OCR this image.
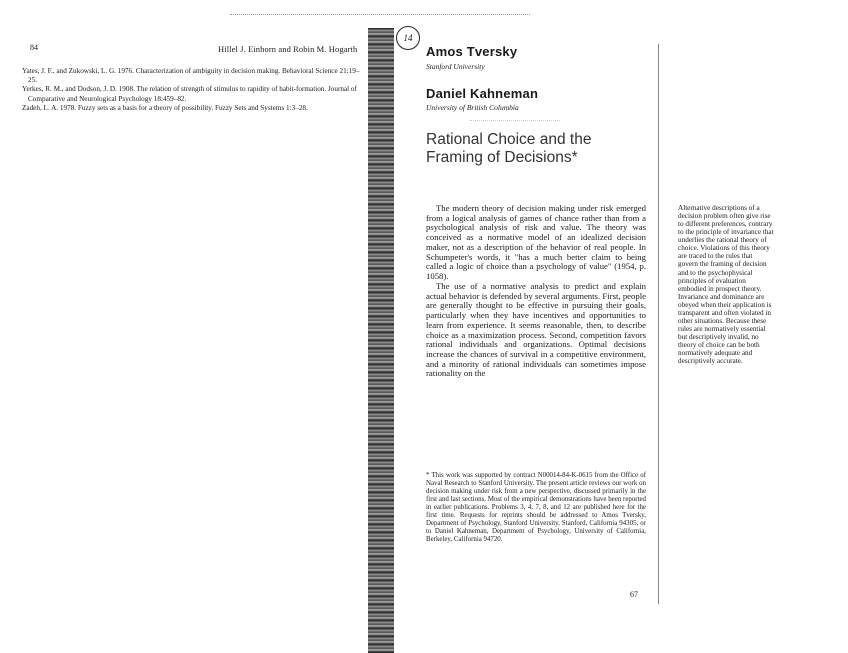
84	Hillel J. Einhorn and Robin M. Hogarth

Yates, J. F., and Zukowski, L. G. 1976. Characterization of ambiguity in decision making. Behavioral Science 21:19–25.

Yerkes, R. M., and Dodson, J. D. 1908. The relation of strength of stimulus to rapidity of habit-formation. Journal of Comparative and Neurological Psychology 18:459–82.

Zadeh, L. A. 1978. Fuzzy sets as a basis for a theory of possibility. Fuzzy Sets and Systems 1:3–28.

14
Amos Tversky
Stanford University
Daniel Kahneman
University of British Columbia
Rational Choice and the
Framing of Decisions*

The modern theory of decision making under risk emerged from a logical analysis of games of chance rather than from a psychological analysis of risk and value. The theory was conceived as a normative model of an idealized decision maker, not as a description of the behavior of real people. In Schumpeter's words, it "has a much better claim to being called a logic of choice than a psychology of value" (1954, p. 1058).

The use of a normative analysis to predict and explain actual behavior is defended by several arguments. First, people are generally thought to be effective in pursuing their goals, particularly when they have incentives and opportunities to learn from experience. It seems reasonable, then, to describe choice as a maximization process. Second, competition favors rational individuals and organizations. Optimal decisions increase the chances of survival in a competitive environment, and a minority of rational individuals can sometimes impose rationality on the

* This work was supported by contract N00014-84-K-0615 from the Office of Naval Research to Stanford University. The present article reviews our work on decision making under risk from a new perspective, discussed primarily in the first and last sections. Most of the empirical demonstrations have been reported in earlier publications. Problems 3, 4, 7, 8, and 12 are published here for the first time. Requests for reprints should be addressed to Amos Tversky, Department of Psychology, Stanford University, Stanford, California 94305, or to Daniel Kahneman, Department of Psychology, University of California, Berkeley, California 94720.
Alternative descriptions of a decision problem often give rise to different preferences, contrary to the principle of invariance that underlies the rational theory of choice. Violations of this theory are traced to the rules that govern the framing of decision and to the psychophysical principles of evaluation embodied in prospect theory. Invariance and dominance are obeyed when their application is transparent and often violated in other situations. Because these rules are normatively essential but descriptively invalid, no theory of choice can be both normatively adequate and descriptively accurate.
67
